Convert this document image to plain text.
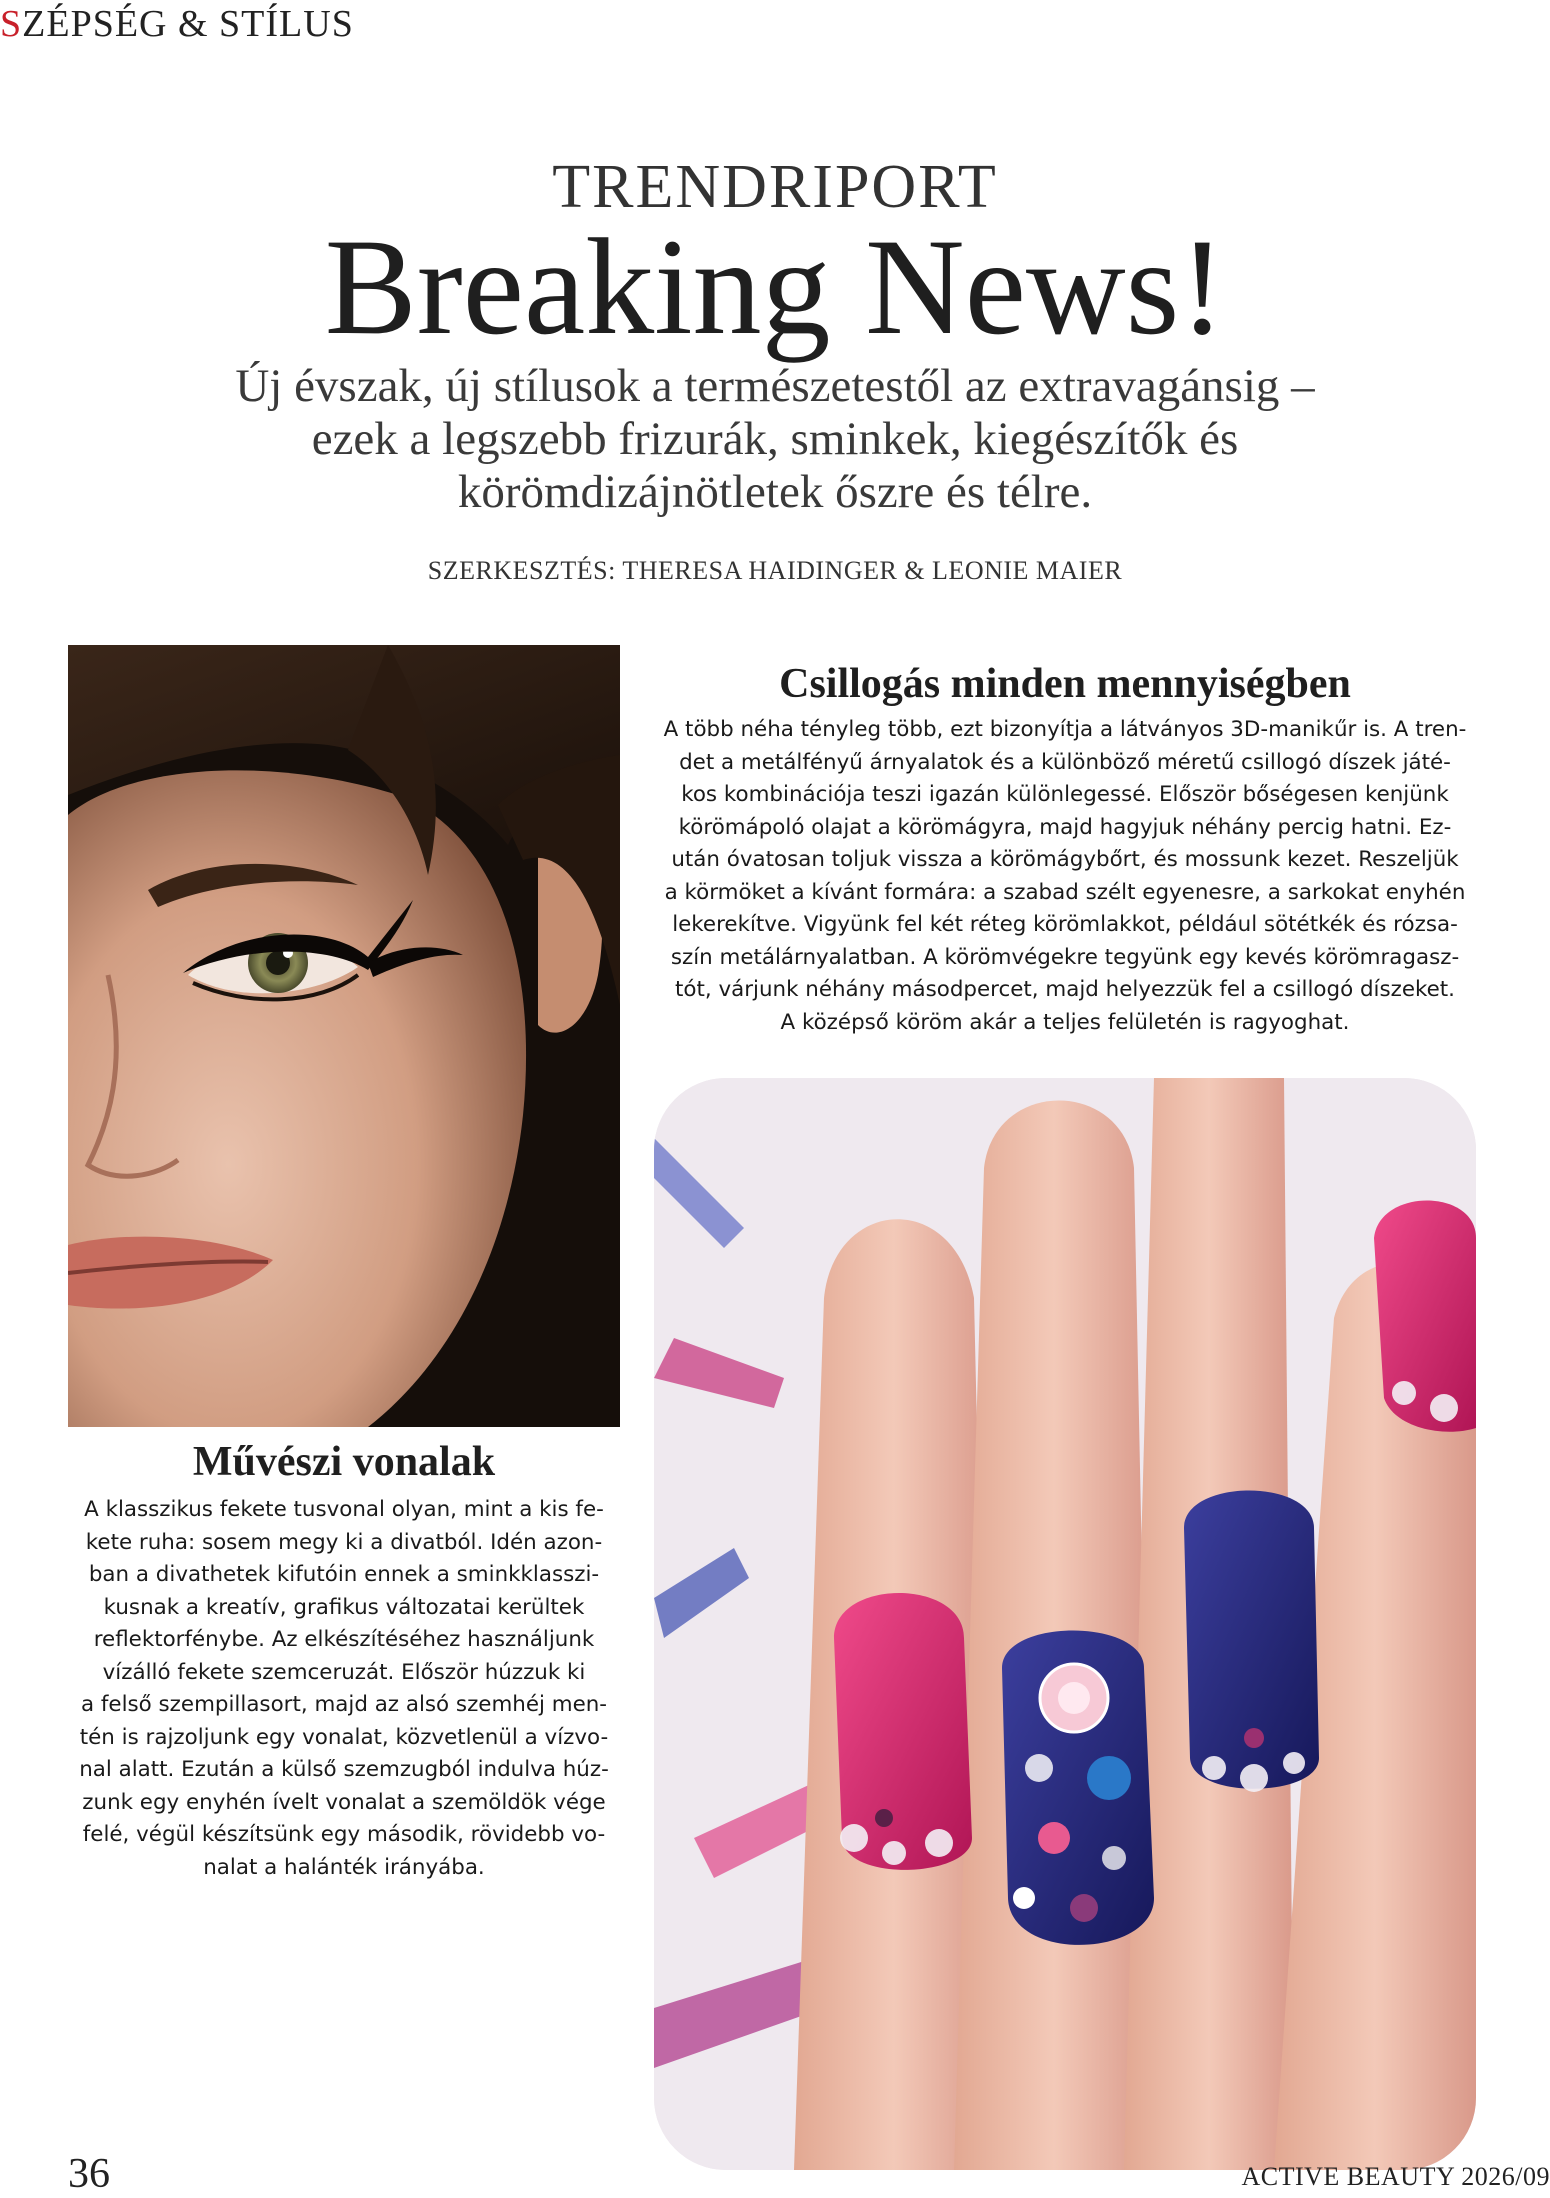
SZÉPSÉG & STÍLUS
TRENDRIPORT
Breaking News!
Új évszak, új stílusok a természetestől az extravagánsig –
ezek a legszebb frizurák, sminkek, kiegészítők és
körömdizájnötletek őszre és télre.
SZERKESZTÉS: THERESA HAIDINGER & LEONIE MAIER
Művészi vonalak

A klasszikus fekete tusvonal olyan, mint a kis fe-
kete ruha: sosem megy ki a divatból. Idén azon-
ban a divathetek kifutóin ennek a sminkklasszi-
kusnak a kreatív, grafikus változatai kerültek
reflektorfénybe. Az elkészítéséhez használjunk
vízálló fekete szemceruzát. Először húzzuk ki
a felső szempillasort, majd az alsó szemhéj men-
tén is rajzoljunk egy vonalat, közvetlenül a vízvo-
nal alatt. Ezután a külső szemzugból indulva húz-
zunk egy enyhén ívelt vonalat a szemöldök vége
felé, végül készítsünk egy második, rövidebb vo-
nalat a halánték irányába.

Csillogás minden mennyiségben

A több néha tényleg több, ezt bizonyítja a látványos 3D-manikűr is. A tren-
det a metálfényű árnyalatok és a különböző méretű csillogó díszek játé-
kos kombinációja teszi igazán különlegessé. Először bőségesen kenjünk
körömápoló olajat a körömágyra, majd hagyjuk néhány percig hatni. Ez-
után óvatosan toljuk vissza a körömágybőrt, és mossunk kezet. Reszeljük
a körmöket a kívánt formára: a szabad szélt egyenesre, a sarkokat enyhén
lekerekítve. Vigyünk fel két réteg körömlakkot, például sötétkék és rózsa-
szín metálárnyalatban. A körömvégekre tegyünk egy kevés körömragasz-
tót, várjunk néhány másodpercet, majd helyezzük fel a csillogó díszeket.
A középső köröm akár a teljes felületén is ragyoghat.

36	ACTIVE BEAUTY 2026/09
